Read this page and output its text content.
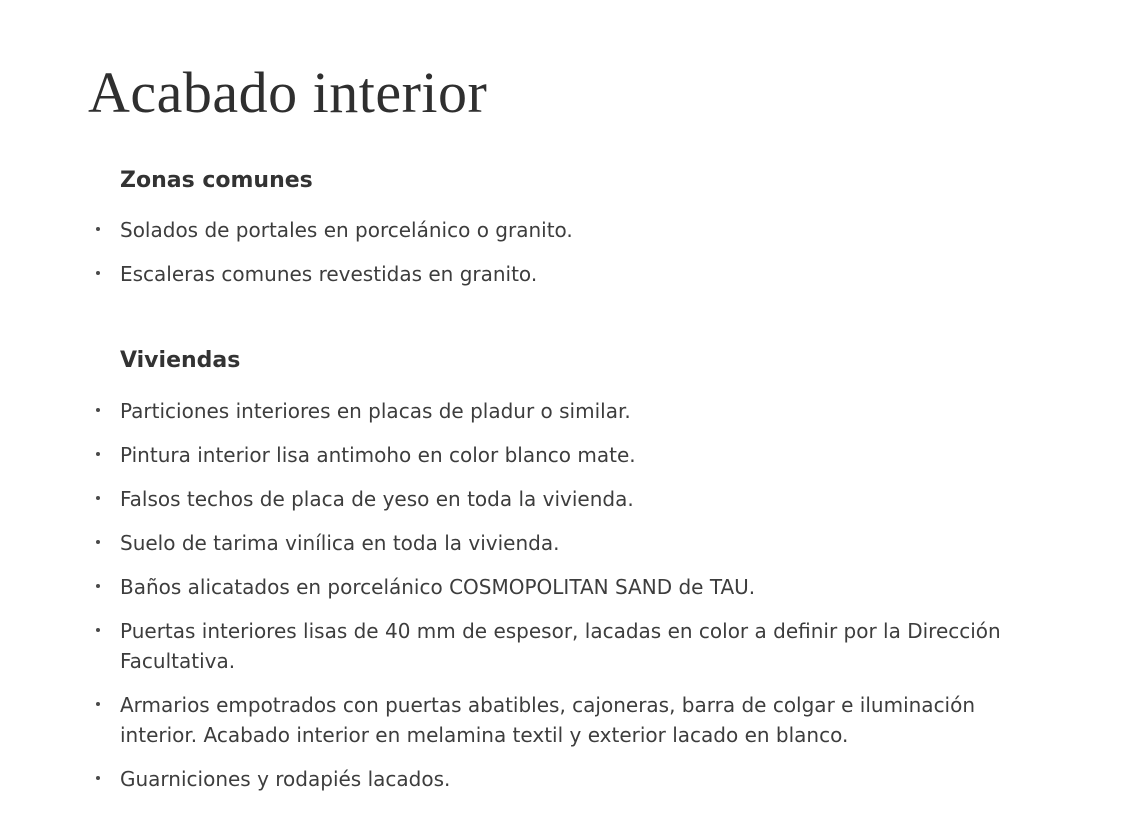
Acabado interior
Zonas comunes
Solados de portales en porcelánico o granito.
Escaleras comunes revestidas en granito.
Viviendas
Particiones interiores en placas de pladur o similar.
Pintura interior lisa antimoho en color blanco mate.
Falsos techos de placa de yeso en toda la vivienda.
Suelo de tarima vinílica en toda la vivienda.
Baños alicatados en porcelánico COSMOPOLITAN SAND de TAU.
Puertas interiores lisas de 40 mm de espesor, lacadas en color a definir por la Dirección Facultativa.
Armarios empotrados con puertas abatibles, cajoneras, barra de colgar e iluminación interior. Acabado interior en melamina textil y exterior lacado en blanco.
Guarniciones y rodapiés lacados.
